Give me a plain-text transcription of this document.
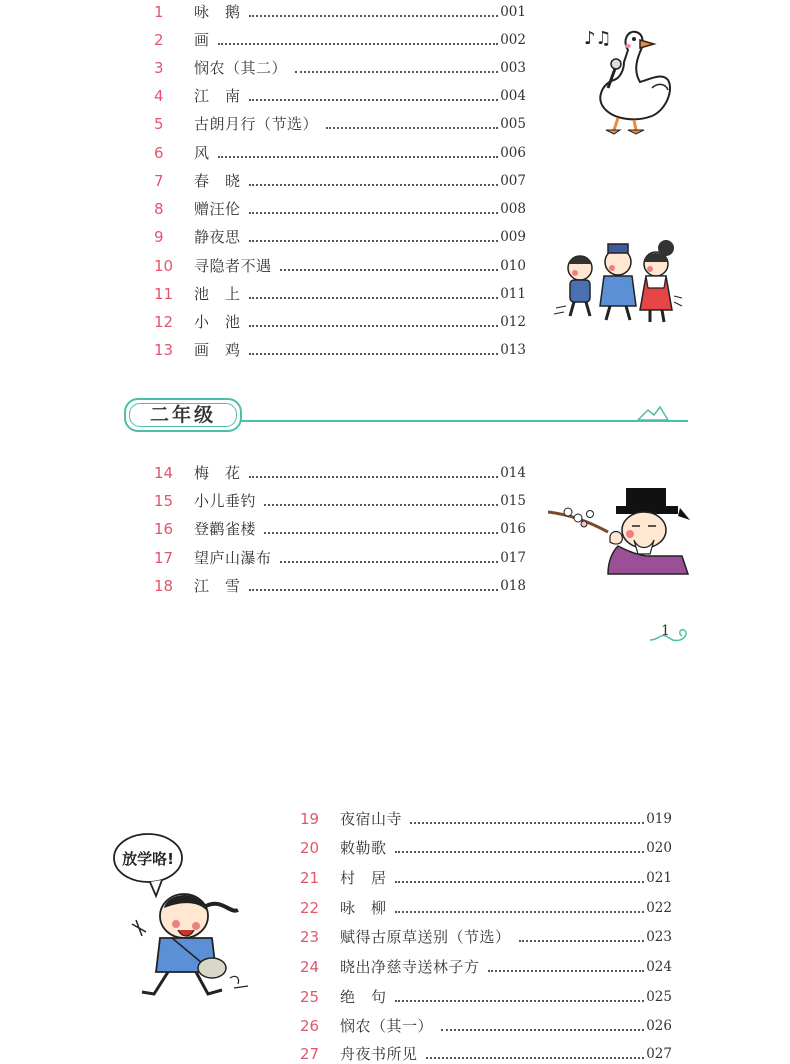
1	咏　鹅	001
2	画	002
3	悯农（其二）	003
4	江　南	004
5	古朗月行（节选）	005
6	风	006
7	春　晓	007
8	赠汪伦	008
9	静夜思	009
10	寻隐者不遇	010
11	池　上	011
12	小　池	012
13	画　鸡	013
♪♫
二年级
14	梅　花	014
15	小儿垂钓	015
16	登鹳雀楼	016
17	望庐山瀑布	017
18	江　雪	018
1
放学咯!
19	夜宿山寺	019
20	敕勒歌	020
21	村　居	021
22	咏　柳	022
23	赋得古原草送别（节选）	023
24	晓出净慈寺送林子方	024
25	绝　句	025
26	悯农（其一）	026
27	舟夜书所见	027
